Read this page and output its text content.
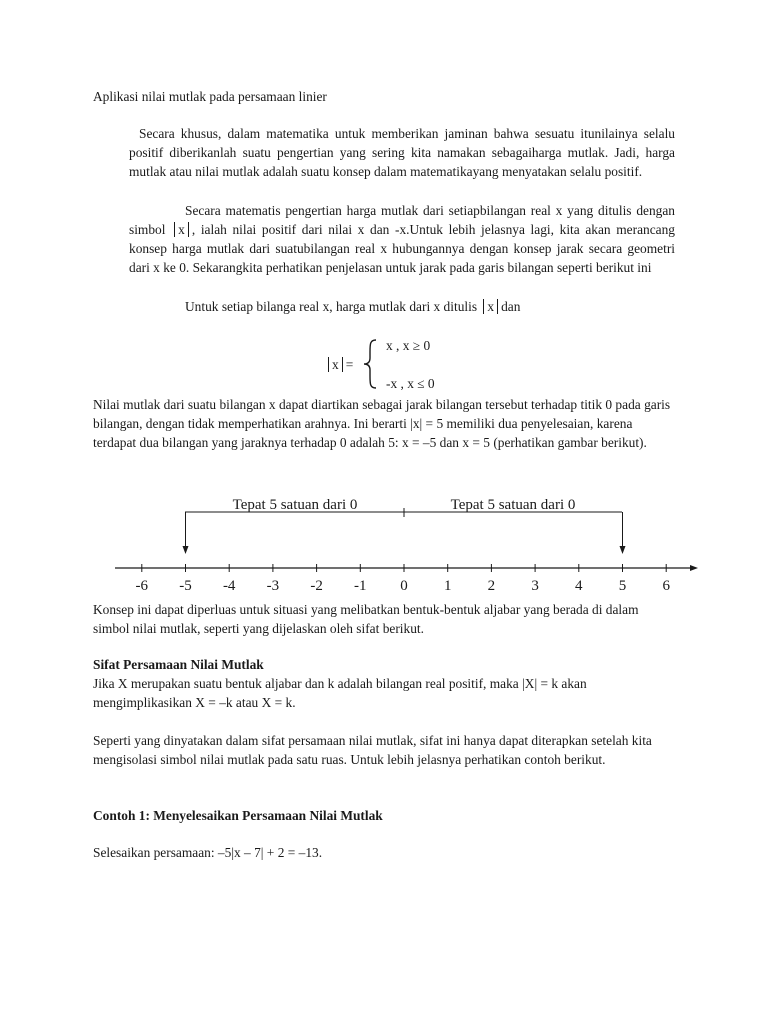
Aplikasi nilai mutlak pada persamaan linier
Secara khusus, dalam matematika untuk memberikan jaminan bahwa sesuatu itunilainya selalu positif diberikanlah suatu pengertian yang sering kita namakan sebagaiharga mutlak. Jadi, harga mutlak atau nilai mutlak adalah suatu konsep dalam matematikayang menyatakan selalu positif.
Secara matematis pengertian harga mutlak dari setiapbilangan real x yang ditulis dengan simbol x , ialah nilai positif dari nilai x dan -x.Untuk lebih jelasnya lagi, kita akan merancang konsep harga mutlak dari suatubilangan real x hubungannya dengan konsep jarak secara geometri dari x ke 0. Sekarangkita perhatikan penjelasan untuk jarak pada garis bilangan seperti berikut ini
Untuk setiap bilanga real x, harga mutlak dari x ditulis x dan
x =
x , x ≥ 0
-x , x ≤ 0
Nilai mutlak dari suatu bilangan x dapat diartikan sebagai jarak bilangan tersebut terhadap titik 0 pada garis bilangan, dengan tidak memperhatikan arahnya. Ini berarti |x| = 5 memiliki dua penyelesaian, karena terdapat dua bilangan yang jaraknya terhadap 0 adalah 5: x = –5 dan x = 5 (perhatikan gambar berikut).
Tepat 5 satuan dari 0	Tepat 5 satuan dari 0
-6 -5 -4 -3 -2 -1 0 1 2 3 4 5 6
Konsep ini dapat diperluas untuk situasi yang melibatkan bentuk-bentuk aljabar yang berada di dalam simbol nilai mutlak, seperti yang dijelaskan oleh sifat berikut.
Sifat Persamaan Nilai Mutlak
Jika X merupakan suatu bentuk aljabar dan k adalah bilangan real positif, maka |X| = k akan mengimplikasikan X = –k atau X = k.
Seperti yang dinyatakan dalam sifat persamaan nilai mutlak, sifat ini hanya dapat diterapkan setelah kita mengisolasi simbol nilai mutlak pada satu ruas. Untuk lebih jelasnya perhatikan contoh berikut.
Contoh 1: Menyelesaikan Persamaan Nilai Mutlak
Selesaikan persamaan: –5|x – 7| + 2 = –13.
